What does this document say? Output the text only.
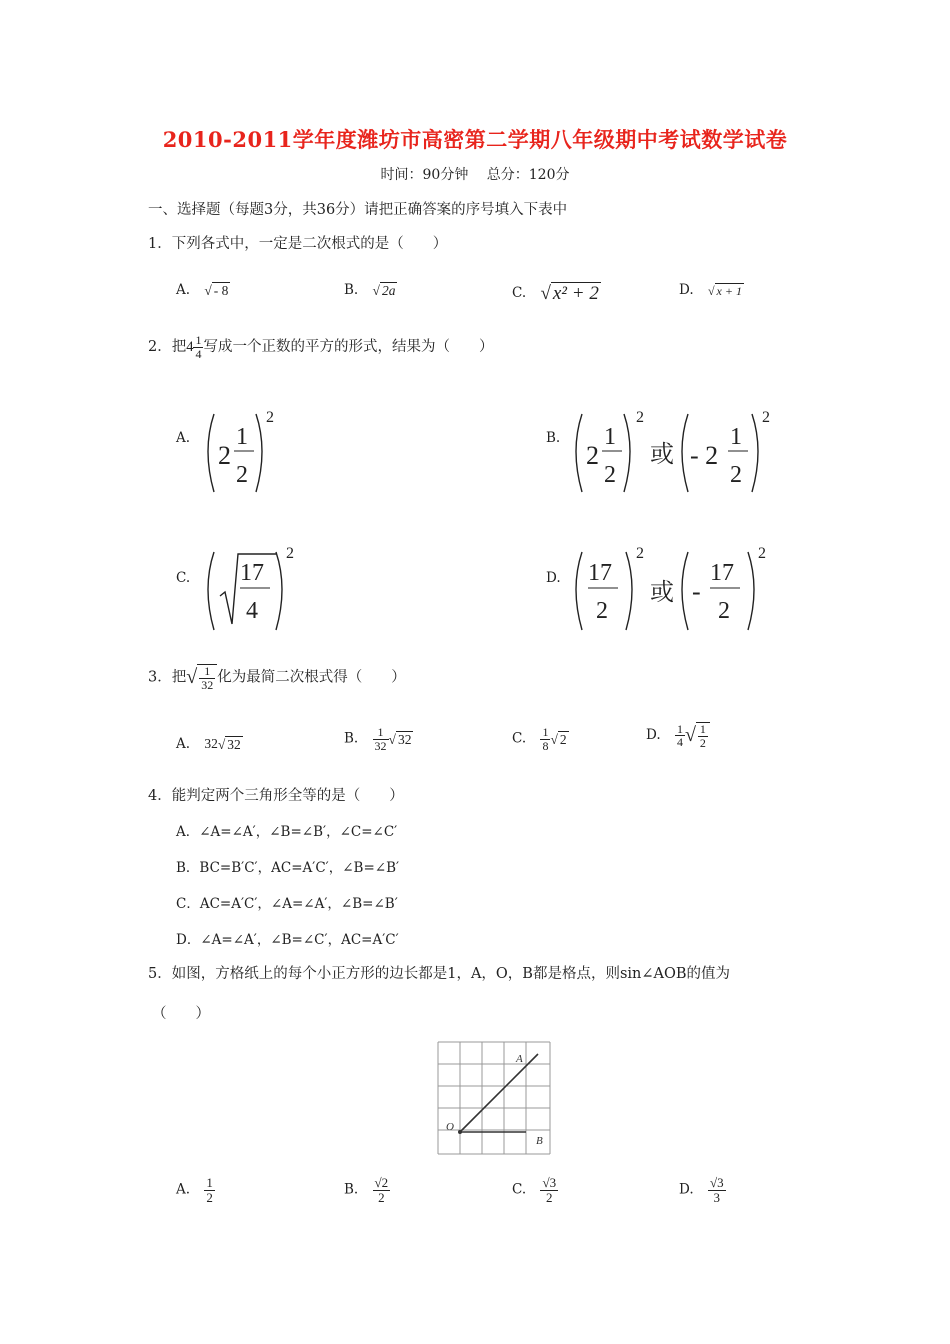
2010-2011学年度潍坊市高密第二学期八年级期中考试数学试卷
时间：90分钟　 总分：120分
一、选择题（每题3分，共36分）请把正确答案的序号填入下表中
1．下列各式中，一定是二次根式的是（　　）
A. √ - 8	B. √ 2a	C. √ x² + 2	D. √ x + 1
2．把$4 \frac{1}{4}$ 写成一个正数的平方的形式，结果为（　　）
A.
2
1
2
2
B.
2
1
2
2
或 - 2
1
2
2
C. 17
4
2
D. 17
2
2
或 -
17
2
2
3．把√ $\frac{1}{32}$ 化为最简二次根式得（　　）
A. 32√ 32	B. $\frac{1}{32}$ √ 32	C. $\frac{1}{8}$ √ 2	D. $\frac{1}{4}$ √ $\frac{1}{2}$
4．能判定两个三角形全等的是（　　）
A．∠A=∠A′，∠B=∠B′，∠C=∠C′
B．BC=B′C′，AC=A′C′，∠B=∠B′
C．AC=A′C′，∠A=∠A′，∠B=∠B′
D．∠A=∠A′，∠B=∠C′，AC=A′C′
5．如图，方格纸上的每个小正方形的边长都是1，A，O，B都是格点，则sin∠AOB的值为
（　　）
A
O
B
A. $\frac{1}{2}$	B. $\frac{√2}{2}$	C. $\frac{√3}{2}$	D. $\frac{√3}{3}$
